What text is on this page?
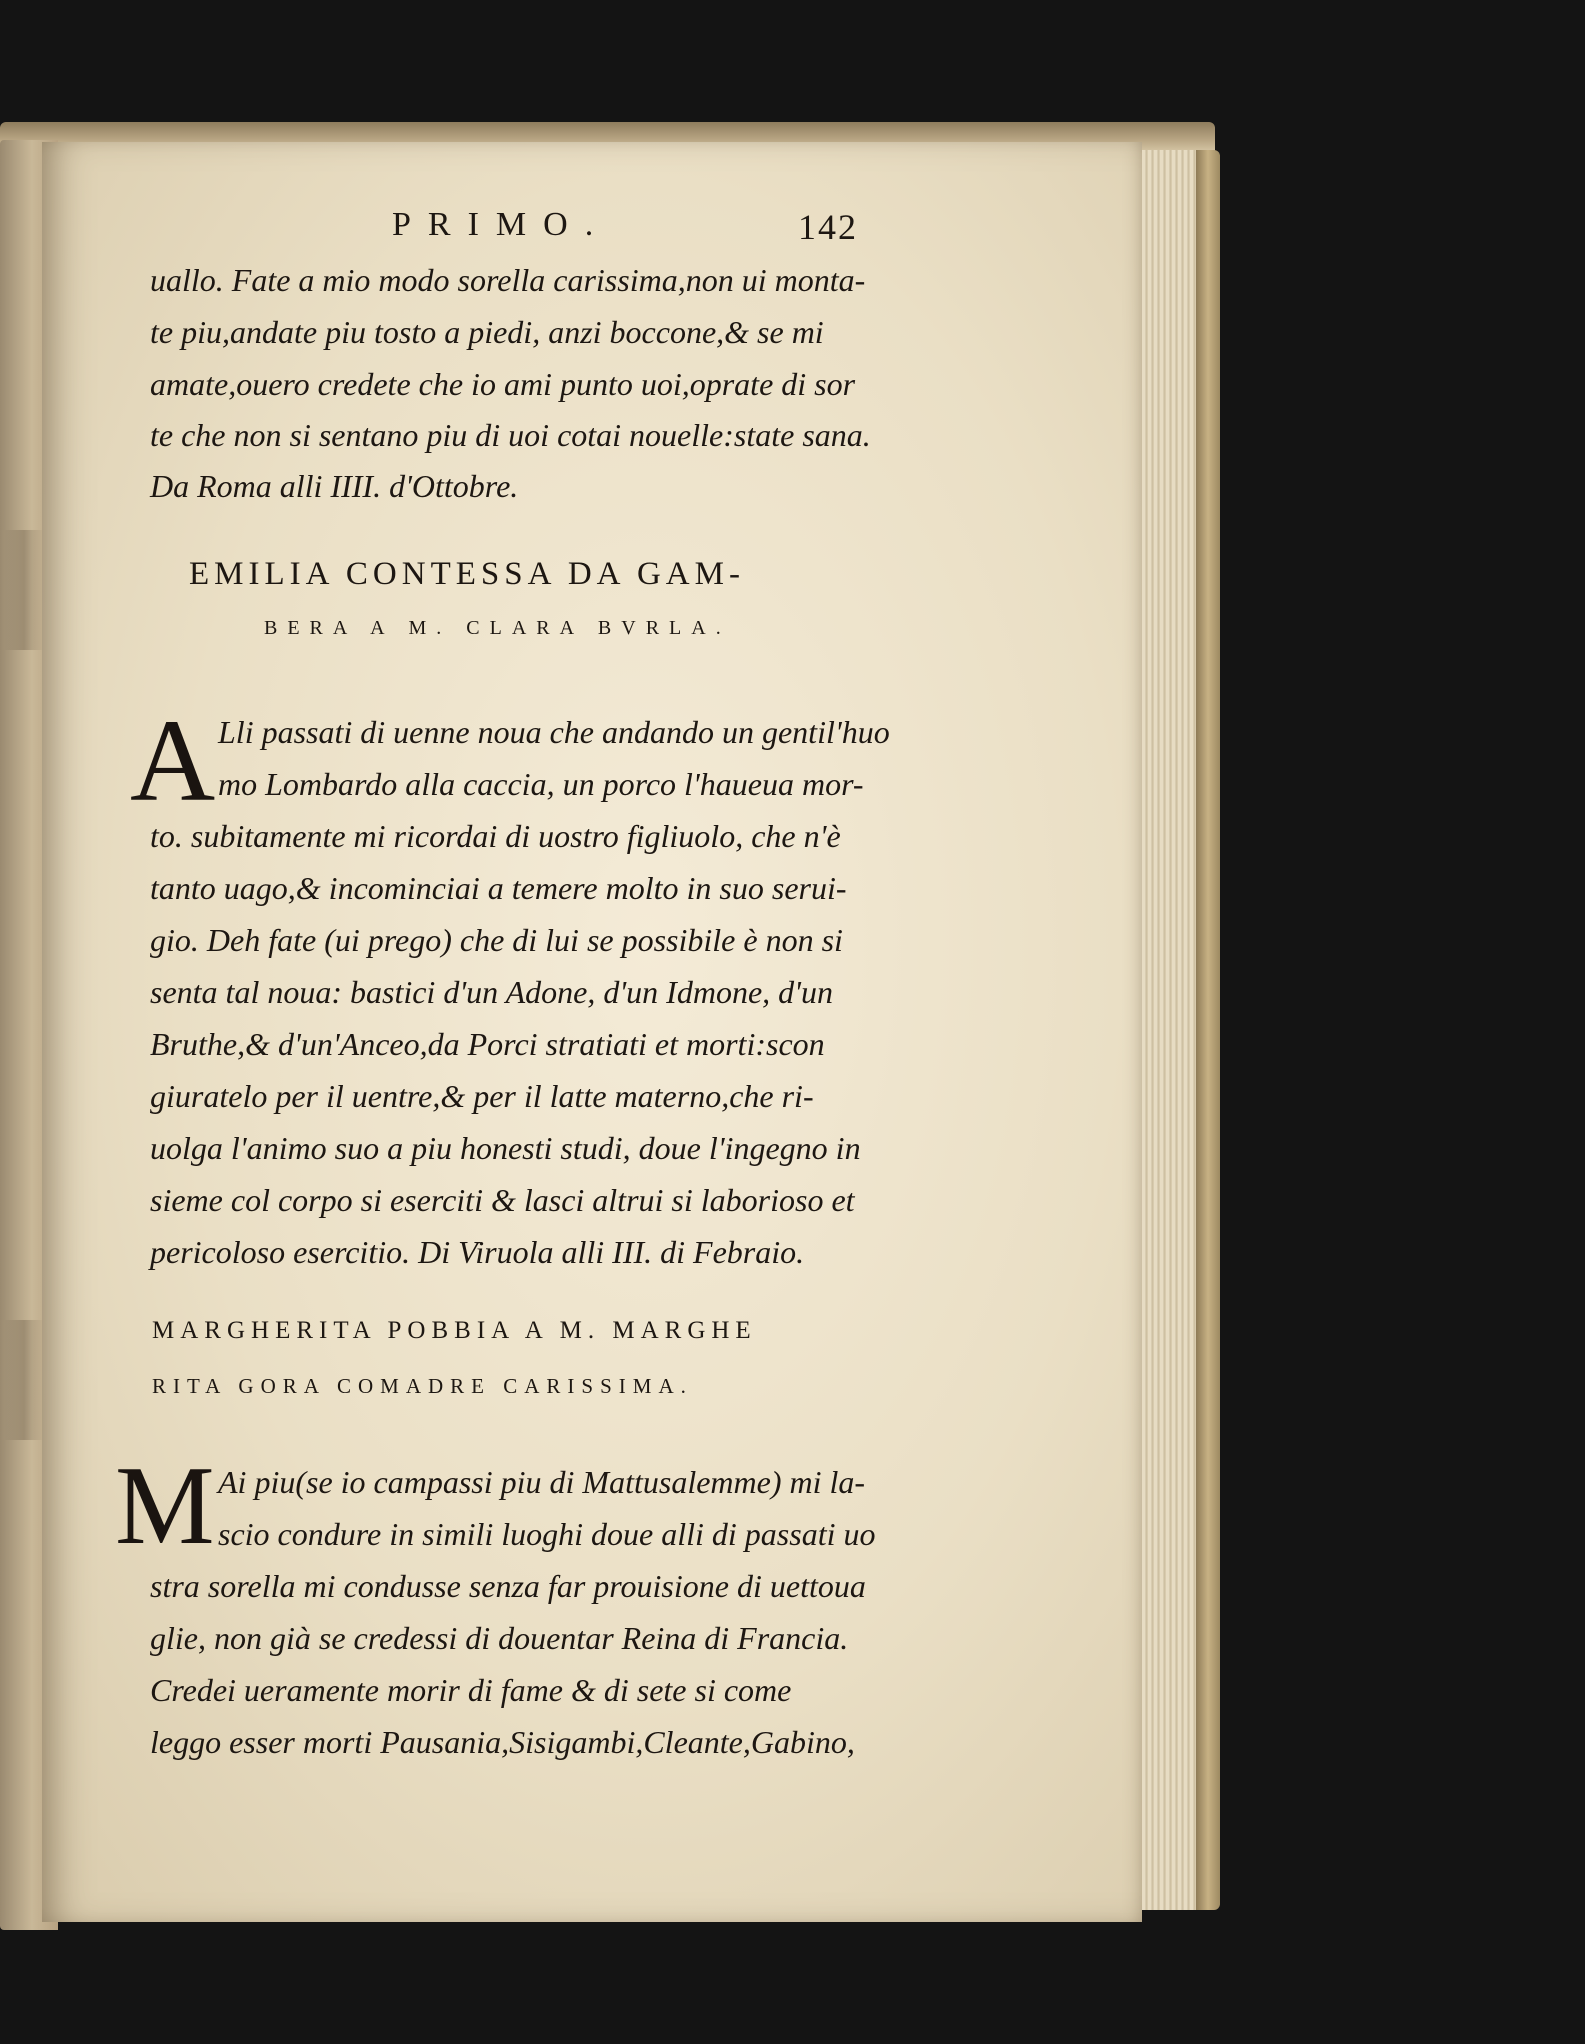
PRIMO.	142
uallo. Fate a mio modo sorella carissima,non ui monta-
te piu,andate piu tosto a piedi, anzi boccone,& se mi
amate,ouero credete che io ami punto uoi,oprate di sor
te che non si sentano piu di uoi cotai nouelle:state sana.
Da Roma alli IIII. d'Ottobre.
EMILIA CONTESSA DA GAM-
BERA A M. CLARA BVRLA.
A Lli passati di uenne noua che andando un gentil'huo
mo Lombardo alla caccia, un porco l'haueua mor-
to. subitamente mi ricordai di uostro figliuolo, che n'è
tanto uago,& incominciai a temere molto in suo serui-
gio. Deh fate (ui prego) che di lui se possibile è non si
senta tal noua: bastici d'un Adone, d'un Idmone, d'un
Bruthe,& d'un'Anceo,da Porci stratiati et morti:scon
giuratelo per il uentre,& per il latte materno,che ri-
uolga l'animo suo a piu honesti studi, doue l'ingegno in
sieme col corpo si eserciti & lasci altrui si laborioso et
pericoloso esercitio. Di Viruola alli III. di Febraio.
MARGHERITA POBBIA A M. MARGHE
RITA GORA COMADRE CARISSIMA.
M Ai piu(se io campassi piu di Mattusalemme) mi la-
scio condure in simili luoghi doue alli di passati uo
stra sorella mi condusse senza far prouisione di uettoua
glie, non già se credessi di douentar Reina di Francia.
Credei ueramente morir di fame & di sete si come
leggo esser morti Pausania,Sisigambi,Cleante,Gabino,
